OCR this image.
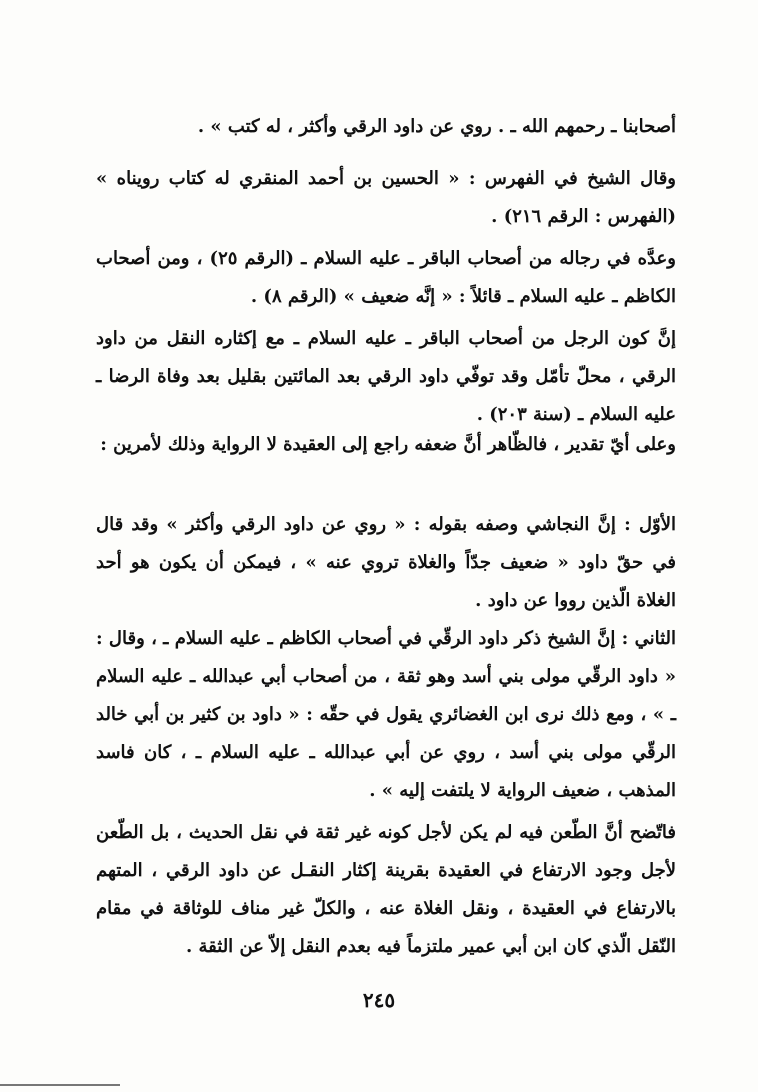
أصحابنا ـ رحمهم الله ـ . روي عن داود الرقي وأكثر ، له كتب » .

وقال الشيخ في الفهرس : « الحسين بن أحمد المنقري له كتاب رويناه » (الفهرس : الرقم ٢١٦) .

وعدَّه في رجاله من أصحاب الباقر ـ عليه السلام ـ (الرقم ٢٥) ، ومن أصحاب الكاظم ـ عليه السلام ـ قائلاً : « إنَّه ضعيف » (الرقم ٨) .

إنَّ كون الرجل من أصحاب الباقر ـ عليه السلام ـ مع إكثاره النقل من داود الرقي ، محلّ تأمّل وقد توفّي داود الرقي بعد المائتين بقليل بعد وفاة الرضا ـ عليه السلام ـ (سنة ٢٠٣) .

وعلى أيّ تقدير ، فالظّاهر أنَّ ضعفه راجع إلى العقيدة لا الرواية وذلك لأمرين :

الأوّل : إنَّ النجاشي وصفه بقوله : « روي عن داود الرقي وأكثر » وقد قال في حقّ داود « ضعيف جدّاً والغلاة تروي عنه » ، فيمكن أن يكون هو أحد الغلاة الّذين رووا عن داود .

الثاني : إنَّ الشيخ ذكر داود الرقّي في أصحاب الكاظم ـ عليه السلام ـ ، وقال : « داود الرقّي مولى بني أسد وهو ثقة ، من أصحاب أبي عبدالله ـ عليه السلام ـ » ، ومع ذلك نرى ابن الغضائري يقول في حقّه : « داود بن كثير بن أبي خالد الرقّي مولى بني أسد ، روي عن أبي عبدالله ـ عليه السلام ـ ، كان فاسد المذهب ، ضعيف الرواية لا يلتفت إليه » .

فاتّضح أنَّ الطّعن فيه لم يكن لأجل كونه غير ثقة في نقل الحديث ، بل الطّعن لأجل وجود الارتفاع في العقيدة بقرينة إكثار النقـل عن داود الرقي ، المتهم بالارتفاع في العقيدة ، ونقل الغلاة عنه ، والكلّ غير مناف للوثاقة في مقام النّقل الّذي كان ابن أبي عمير ملتزماً فيه بعدم النقل إلاّ عن الثقة .

٢٤٥
